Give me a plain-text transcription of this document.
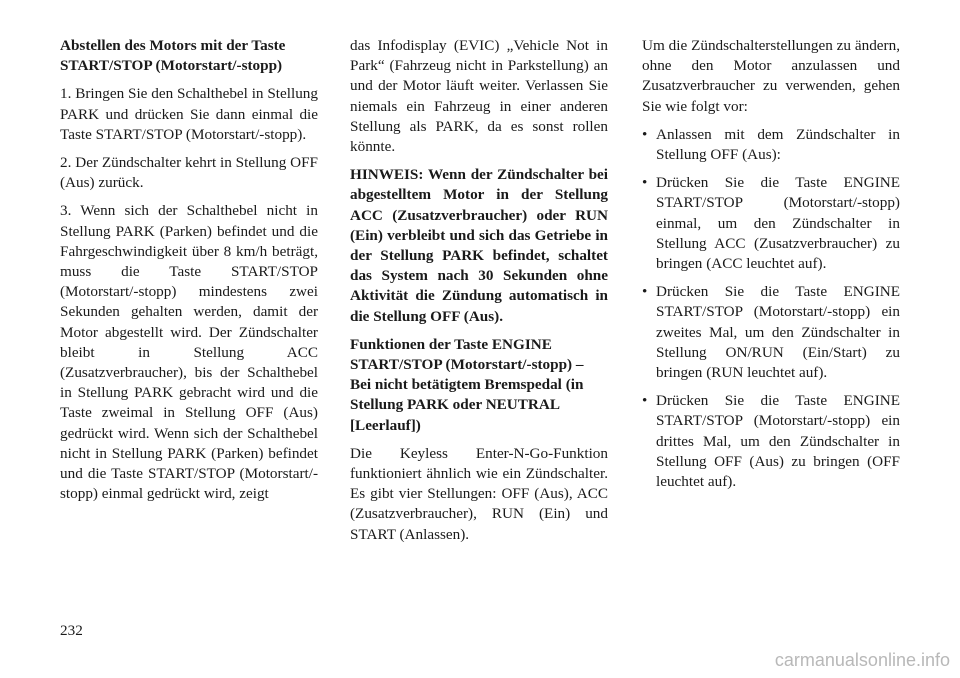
Abstellen des Motors mit der Taste START/STOP (Motorstart/-stopp)

1. Bringen Sie den Schalthebel in Stellung PARK und drücken Sie dann einmal die Taste START/STOP (Motorstart/-stopp).

2. Der Zündschalter kehrt in Stellung OFF (Aus) zurück.

3. Wenn sich der Schalthebel nicht in Stellung PARK (Parken) befindet und die Fahrgeschwindigkeit über 8 km/h beträgt, muss die Taste START/STOP (Motorstart/-stopp) mindestens zwei Sekunden gehalten werden, damit der Motor abgestellt wird. Der Zündschalter bleibt in Stellung ACC (Zusatzverbraucher), bis der Schalthebel in Stellung PARK gebracht wird und die Taste zweimal in Stellung OFF (Aus) gedrückt wird. Wenn sich der Schalthebel nicht in Stellung PARK (Parken) befindet und die Taste START/STOP (Motorstart/-stopp) einmal gedrückt wird, zeigt

das Infodisplay (EVIC) „Vehicle Not in Park“ (Fahrzeug nicht in Parkstellung) an und der Motor läuft weiter. Verlassen Sie niemals ein Fahrzeug in einer anderen Stellung als PARK, da es sonst rollen könnte.

HINWEIS: Wenn der Zündschalter bei abgestelltem Motor in der Stellung ACC (Zusatzverbraucher) oder RUN (Ein) verbleibt und sich das Getriebe in der Stellung PARK befindet, schaltet das System nach 30 Sekunden ohne Aktivität die Zündung automatisch in die Stellung OFF (Aus).
Funktionen der Taste ENGINE START/STOP (Motorstart/-stopp) – Bei nicht betätigtem Bremspedal (in Stellung PARK oder NEUTRAL [Leerlauf])

Die Keyless Enter-N-Go-Funktion funktioniert ähnlich wie ein Zündschalter. Es gibt vier Stellungen: OFF (Aus), ACC (Zusatzverbraucher), RUN (Ein) und START (Anlassen).

Um die Zündschalterstellungen zu ändern, ohne den Motor anzulassen und Zusatzverbraucher zu verwenden, gehen Sie wie folgt vor:

• Anlassen mit dem Zündschalter in Stellung OFF (Aus):
• Drücken Sie die Taste ENGINE START/STOP (Motorstart/-stopp) einmal, um den Zündschalter in Stellung ACC (Zusatzverbraucher) zu bringen (ACC leuchtet auf).
• Drücken Sie die Taste ENGINE START/STOP (Motorstart/-stopp) ein zweites Mal, um den Zündschalter in Stellung ON/RUN (Ein/Start) zu bringen (RUN leuchtet auf).
• Drücken Sie die Taste ENGINE START/STOP (Motorstart/-stopp) ein drittes Mal, um den Zündschalter in Stellung OFF (Aus) zu bringen (OFF leuchtet auf).
232
carmanualsonline.info
